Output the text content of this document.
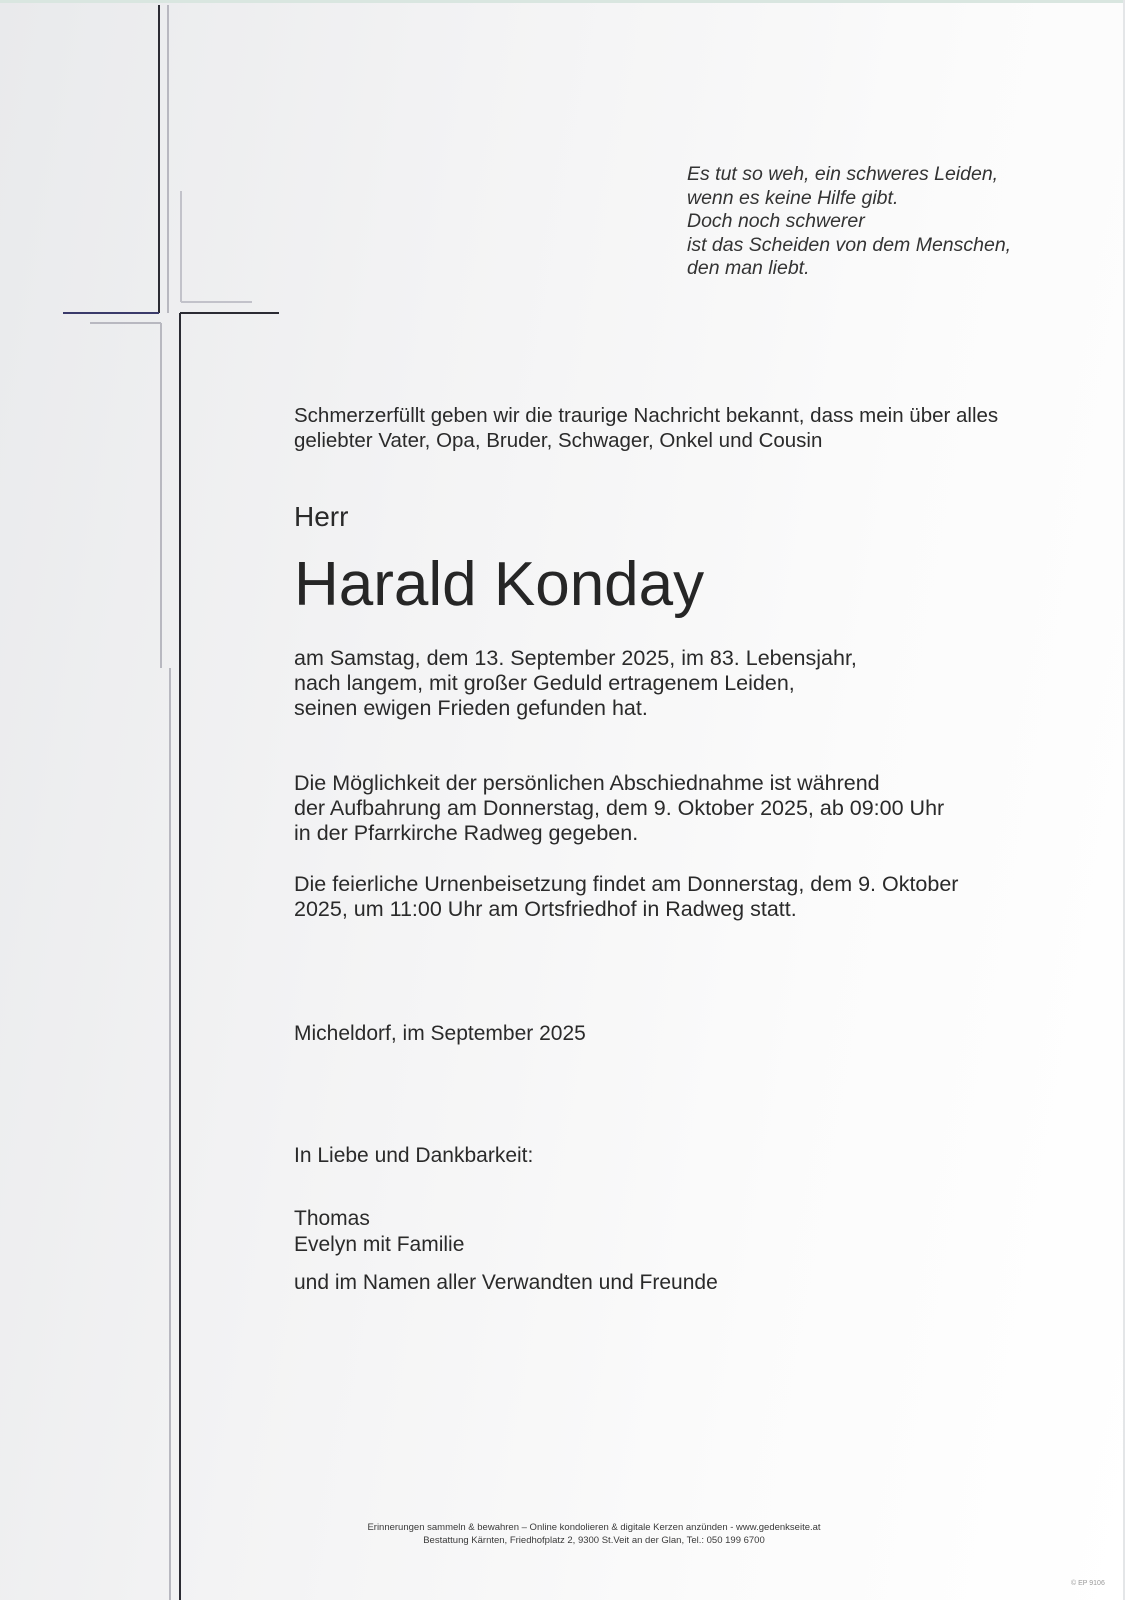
Es tut so weh, ein schweres Leiden,
wenn es keine Hilfe gibt.
Doch noch schwerer
ist das Scheiden von dem Menschen,
den man liebt.
Schmerzerfüllt geben wir die traurige Nachricht bekannt, dass mein über alles
geliebter Vater, Opa, Bruder, Schwager, Onkel und Cousin
Herr
Harald Konday
am Samstag, dem 13. September 2025, im 83. Lebensjahr,
nach langem, mit großer Geduld ertragenem Leiden,
seinen ewigen Frieden gefunden hat.
Die Möglichkeit der persönlichen Abschiednahme ist während
der Aufbahrung am Donnerstag, dem 9. Oktober 2025, ab 09:00 Uhr
in der Pfarrkirche Radweg gegeben.
Die feierliche Urnenbeisetzung findet am Donnerstag, dem 9. Oktober
2025, um 11:00 Uhr am Ortsfriedhof in Radweg statt.
Micheldorf, im September 2025
In Liebe und Dankbarkeit:
Thomas
Evelyn mit Familie
und im Namen aller Verwandten und Freunde
Erinnerungen sammeln & bewahren – Online kondolieren & digitale Kerzen anzünden - www.gedenkseite.at
Bestattung Kärnten, Friedhofplatz 2, 9300 St.Veit an der Glan, Tel.: 050 199 6700
© EP 9106
